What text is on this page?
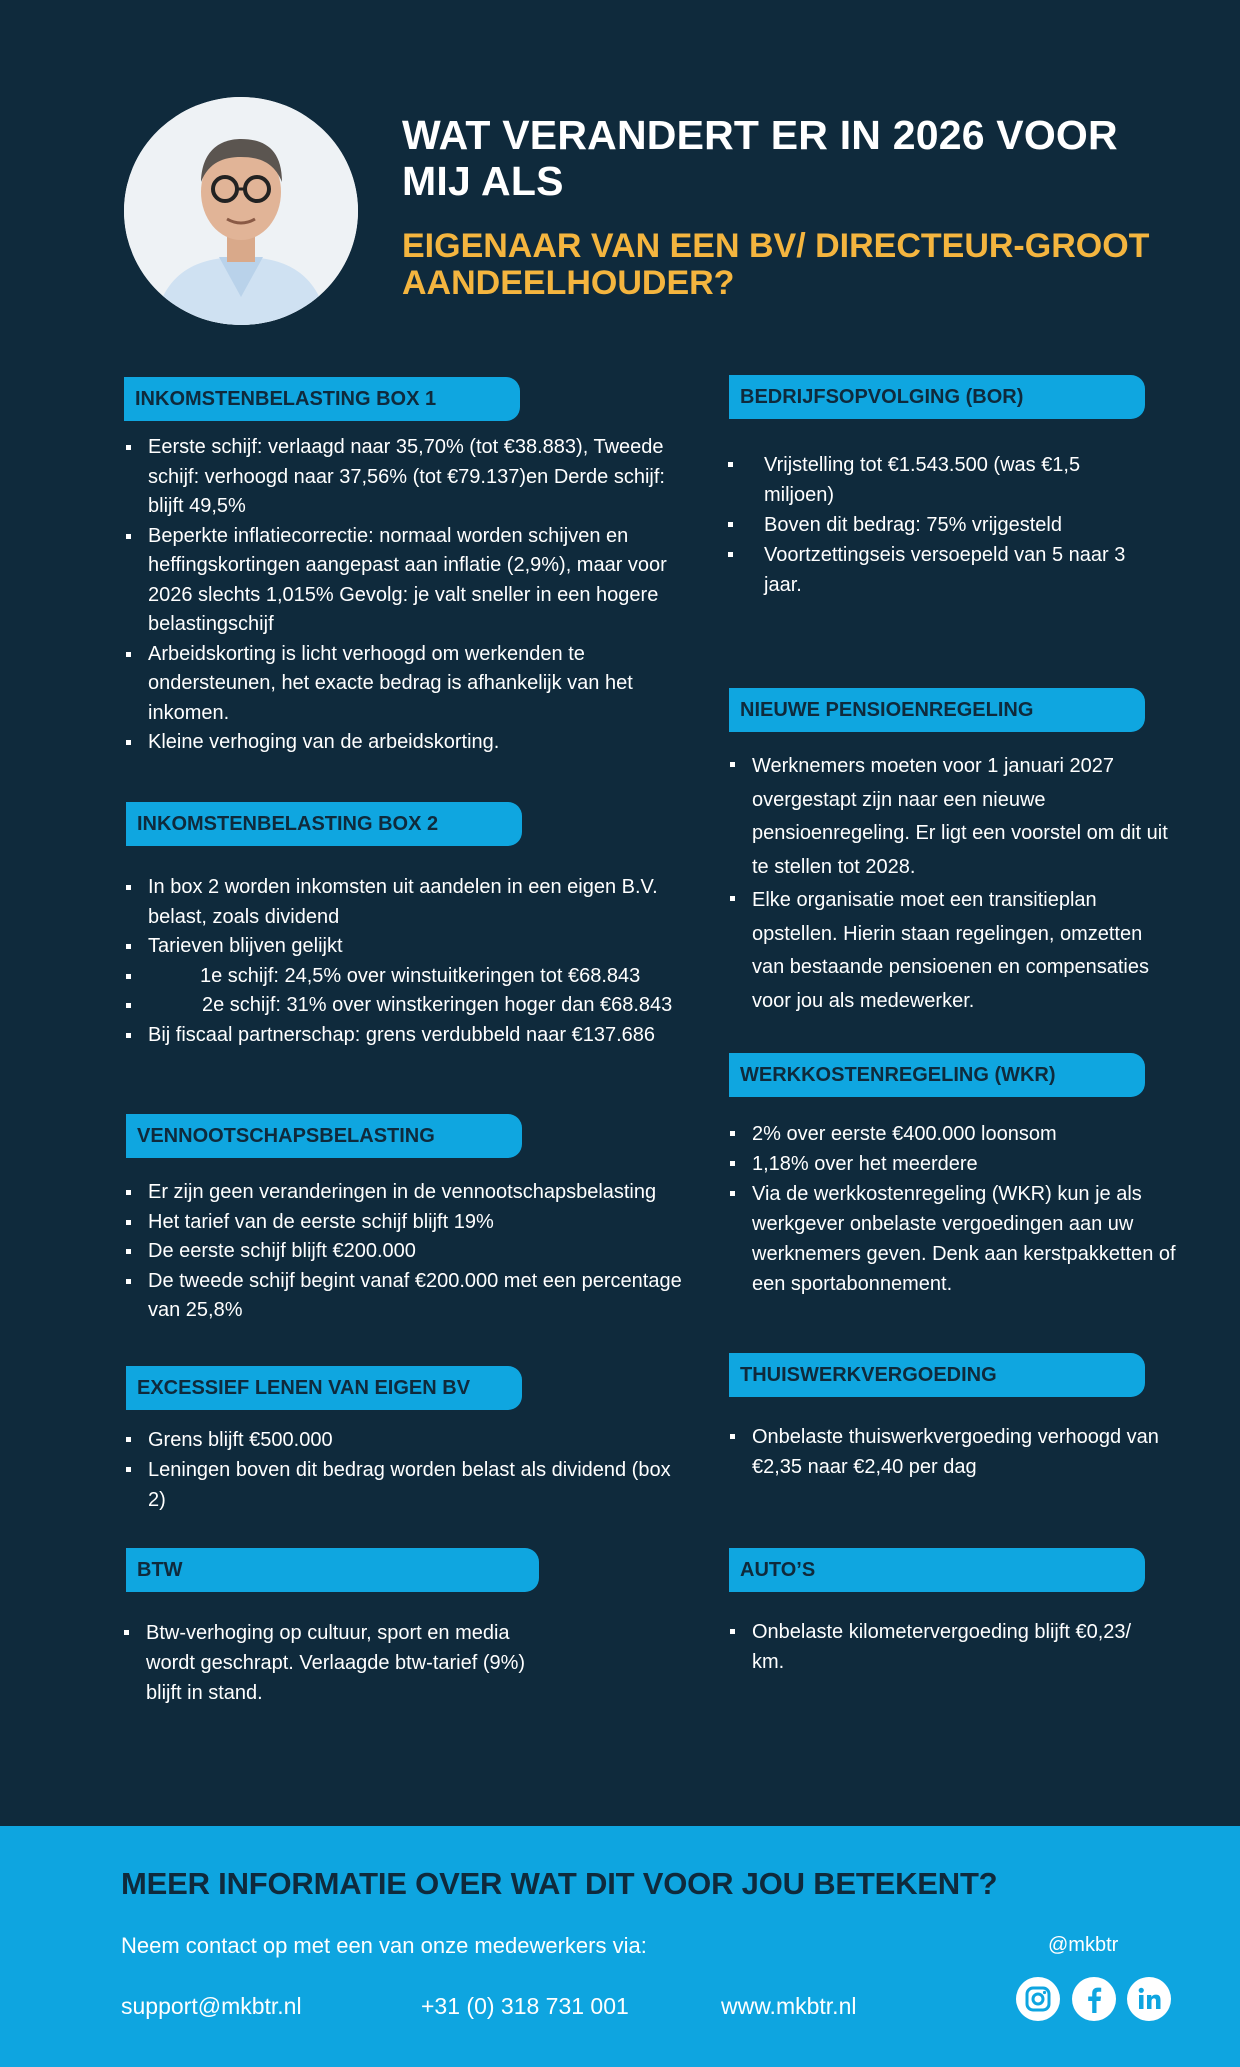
WAT VERANDERT ER IN 2026 VOOR MIJ ALS
EIGENAAR VAN EEN BV/ DIRECTEUR-GROOT AANDEELHOUDER?
INKOMSTENBELASTING BOX 1
Eerste schijf: verlaagd naar 35,70% (tot €38.883), Tweede schijf: verhoogd naar 37,56% (tot €79.137)en Derde schijf: blijft 49,5%
Beperkte inflatiecorrectie: normaal worden schijven en heffingskortingen aangepast aan inflatie (2,9%), maar voor 2026 slechts 1,015% Gevolg: je valt sneller in een hogere belastingschijf
Arbeidskorting is licht verhoogd om werkenden te ondersteunen, het exacte bedrag is afhankelijk van het inkomen.
Kleine verhoging van de arbeidskorting.
INKOMSTENBELASTING BOX 2
In box 2 worden inkomsten uit aandelen in een eigen B.V. belast, zoals dividend
Tarieven blijven gelijkt
1e schijf: 24,5% over winstuitkeringen tot €68.843
2e schijf: 31% over winstkeringen hoger dan €68.843
Bij fiscaal partnerschap: grens verdubbeld naar €137.686
VENNOOTSCHAPSBELASTING
Er zijn geen veranderingen in de vennootschapsbelasting
Het tarief van de eerste schijf blijft 19%
De eerste schijf blijft €200.000
De tweede schijf begint vanaf €200.000 met een percentage van 25,8%
EXCESSIEF LENEN VAN EIGEN BV
Grens blijft €500.000
Leningen boven dit bedrag worden belast als dividend (box 2)
BTW
Btw-verhoging op cultuur, sport en media wordt geschrapt. Verlaagde btw-tarief (9%) blijft in stand.
BEDRIJFSOPVOLGING (BOR)
Vrijstelling tot €1.543.500 (was €1,5 miljoen)
Boven dit bedrag: 75% vrijgesteld
Voortzettingseis versoepeld van 5 naar 3 jaar.
NIEUWE PENSIOENREGELING
Werknemers moeten voor 1 januari 2027 overgestapt zijn naar een nieuwe pensioenregeling. Er ligt een voorstel om dit uit te stellen tot 2028.
Elke organisatie moet een transitieplan opstellen. Hierin staan regelingen, omzetten van bestaande pensioenen en compensaties voor jou als medewerker.
WERKKOSTENREGELING (WKR)
2% over eerste €400.000 loonsom
1,18% over het meerdere
Via de werkkostenregeling (WKR) kun je als werkgever onbelaste vergoedingen aan uw werknemers geven. Denk aan kerstpakketten of een sportabonnement.
THUISWERKVERGOEDING
Onbelaste thuiswerkvergoeding verhoogd van €2,35 naar €2,40 per dag
AUTO’S
Onbelaste kilometervergoeding blijft €0,23/ km.
MEER INFORMATIE OVER WAT DIT VOOR JOU BETEKENT?
Neem contact op met een van onze medewerkers via:	@mkbtr
support@mkbtr.nl	+31 (0) 318 731 001	www.mkbtr.nl
